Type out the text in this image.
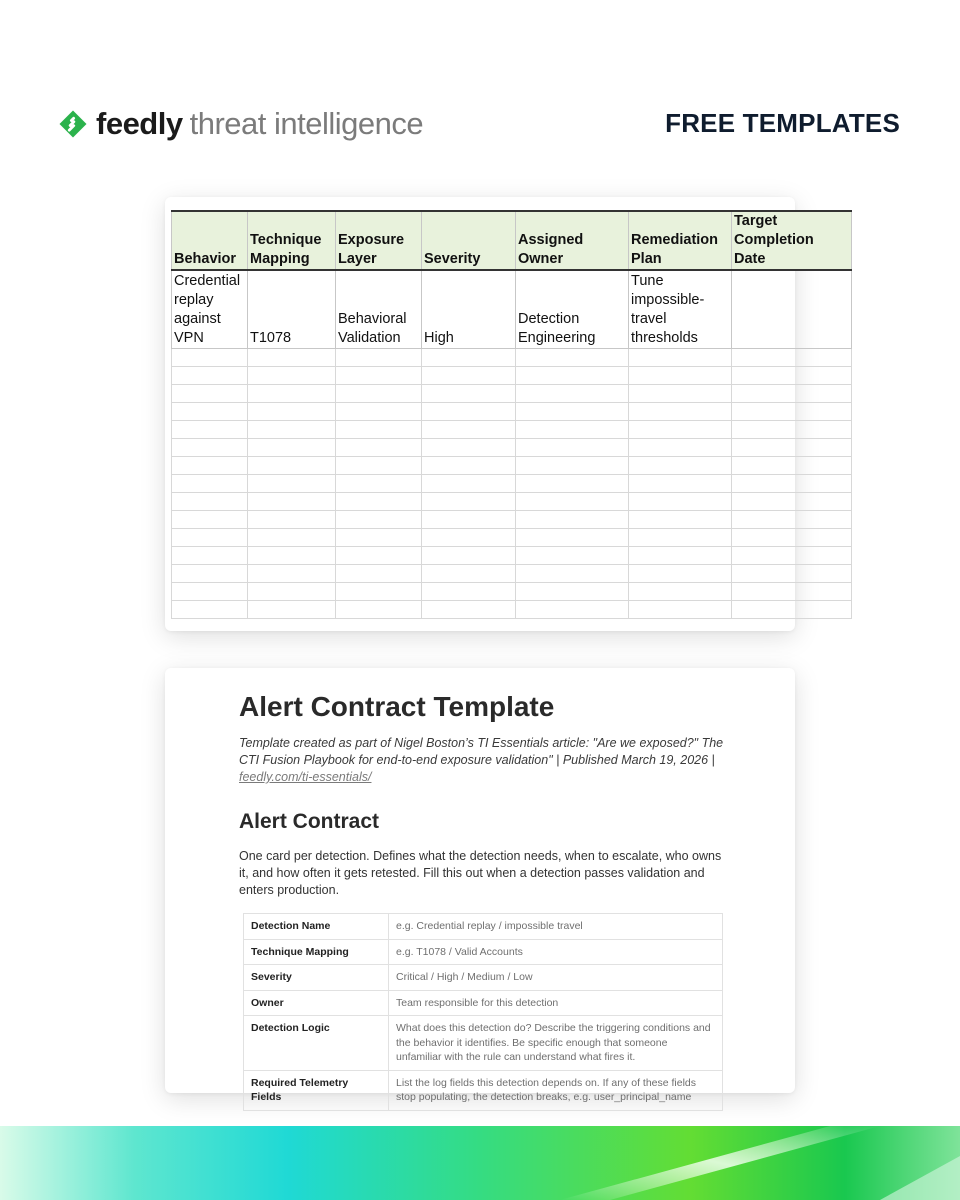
feedly threat intelligence	FREE TEMPLATES
Behavior	Technique Mapping	Exposure Layer	Severity	Assigned Owner	Remediation Plan	Target Completion Date
Credential replay against VPN	T1078	Behavioral Validation	High	Detection Engineering	Tune impossible-travel thresholds	

Alert Contract Template
Template created as part of Nigel Boston’s TI Essentials article: "Are we exposed?" The CTI Fusion Playbook for end-to-end exposure validation" | Published March 19, 2026 | feedly.com/ti-essentials/
Alert Contract
One card per detection. Defines what the detection needs, when to escalate, who owns it, and how often it gets retested. Fill this out when a detection passes validation and enters production.
Detection Name	e.g. Credential replay / impossible travel
Technique Mapping	e.g. T1078 / Valid Accounts
Severity	Critical / High / Medium / Low
Owner	Team responsible for this detection
Detection Logic	What does this detection do? Describe the triggering conditions and the behavior it identifies. Be specific enough that someone unfamiliar with the rule can understand what fires it.
Required Telemetry Fields	List the log fields this detection depends on. If any of these fields stop populating, the detection breaks, e.g. user_principal_name
